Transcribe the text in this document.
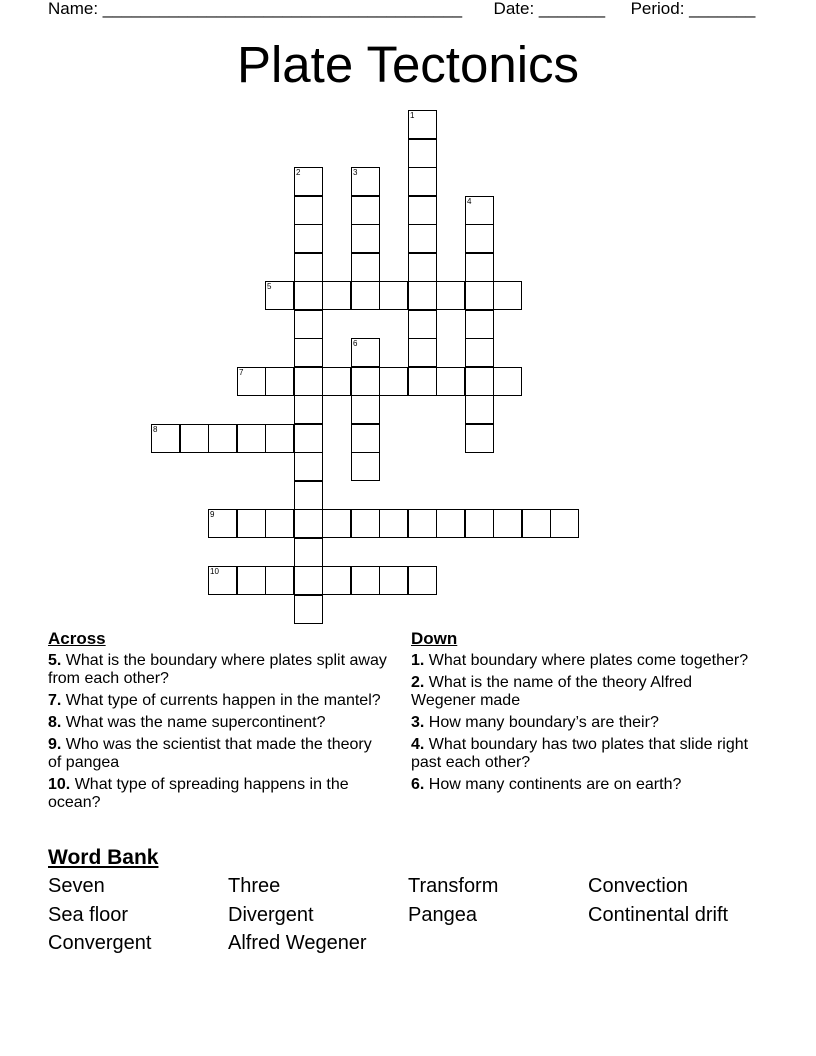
Name: ______________________________________ Date: _______ Period: _______
Plate Tectonics
1
2	3
4
5
6
7
8
9
10
Across
5. What is the boundary where plates split away from each other?
7. What type of currents happen in the mantel?
8. What was the name supercontinent?
9. Who was the scientist that made the theory of pangea
10. What type of spreading happens in the ocean?
Down
1. What boundary where plates come together?
2. What is the name of the theory Alfred Wegener made
3. How many boundary’s are their?
4. What boundary has two plates that slide right past each other?
6. How many continents are on earth?
Word Bank
Seven	Three	Transform	Convection
Sea floor	Divergent	Pangea	Continental drift
Convergent	Alfred Wegener
